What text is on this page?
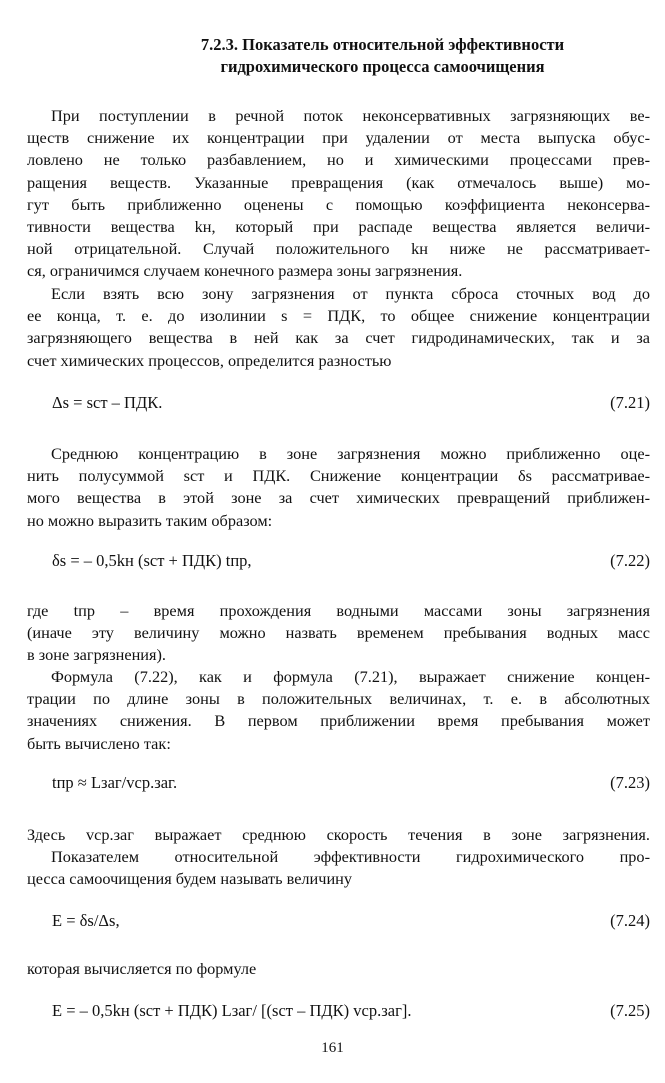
7.2.3. Показатель относительной эффективности
гидрохимического процесса самоочищения
При поступлении в речной поток неконсервативных загрязняющих ве-
ществ снижение их концентрации при удалении от места выпуска обус-
ловлено не только разбавлением, но и химическими процессами прев-
ращения веществ. Указанные превращения (как отмечалось выше) мо-
гут быть приближенно оценены с помощью коэффициента неконсерва-
тивности вещества kн, который при распаде вещества является величи-
ной отрицательной. Случай положительного kн ниже не рассматривает-
ся, ограничимся случаем конечного размера зоны загрязнения.
Если взять всю зону загрязнения от пункта сброса сточных вод до
ее конца, т. е. до изолинии s = ПДК, то общее снижение концентрации
загрязняющего вещества в ней как за счет гидродинамических, так и за
счет химических процессов, определится разностью
Δs = sст – ПДК.	(7.21)
Среднюю концентрацию в зоне загрязнения можно приближенно оце-
нить полусуммой sст и ПДК. Снижение концентрации δs рассматривае-
мого вещества в этой зоне за счет химических превращений приближен-
но можно выразить таким образом:
δs = – 0,5kн (sст + ПДК) tпр,	(7.22)
где tпр – время прохождения водными массами зоны загрязнения
(иначе эту величину можно назвать временем пребывания водных масс
в зоне загрязнения).
Формула (7.22), как и формула (7.21), выражает снижение концен-
трации по длине зоны в положительных величинах, т. е. в абсолютных
значениях снижения. В первом приближении время пребывания может
быть вычислено так:
tпр ≈ Lзаг/vср.заг.	(7.23)
Здесь vср.заг выражает среднюю скорость течения в зоне загрязнения.
Показателем относительной эффективности гидрохимического про-
цесса самоочищения будем называть величину
Е = δs/Δs,	(7.24)
которая вычисляется по формуле
Е = – 0,5kн (sст + ПДК) Lзаг/ [(sст – ПДК) vср.заг].	(7.25)
161
